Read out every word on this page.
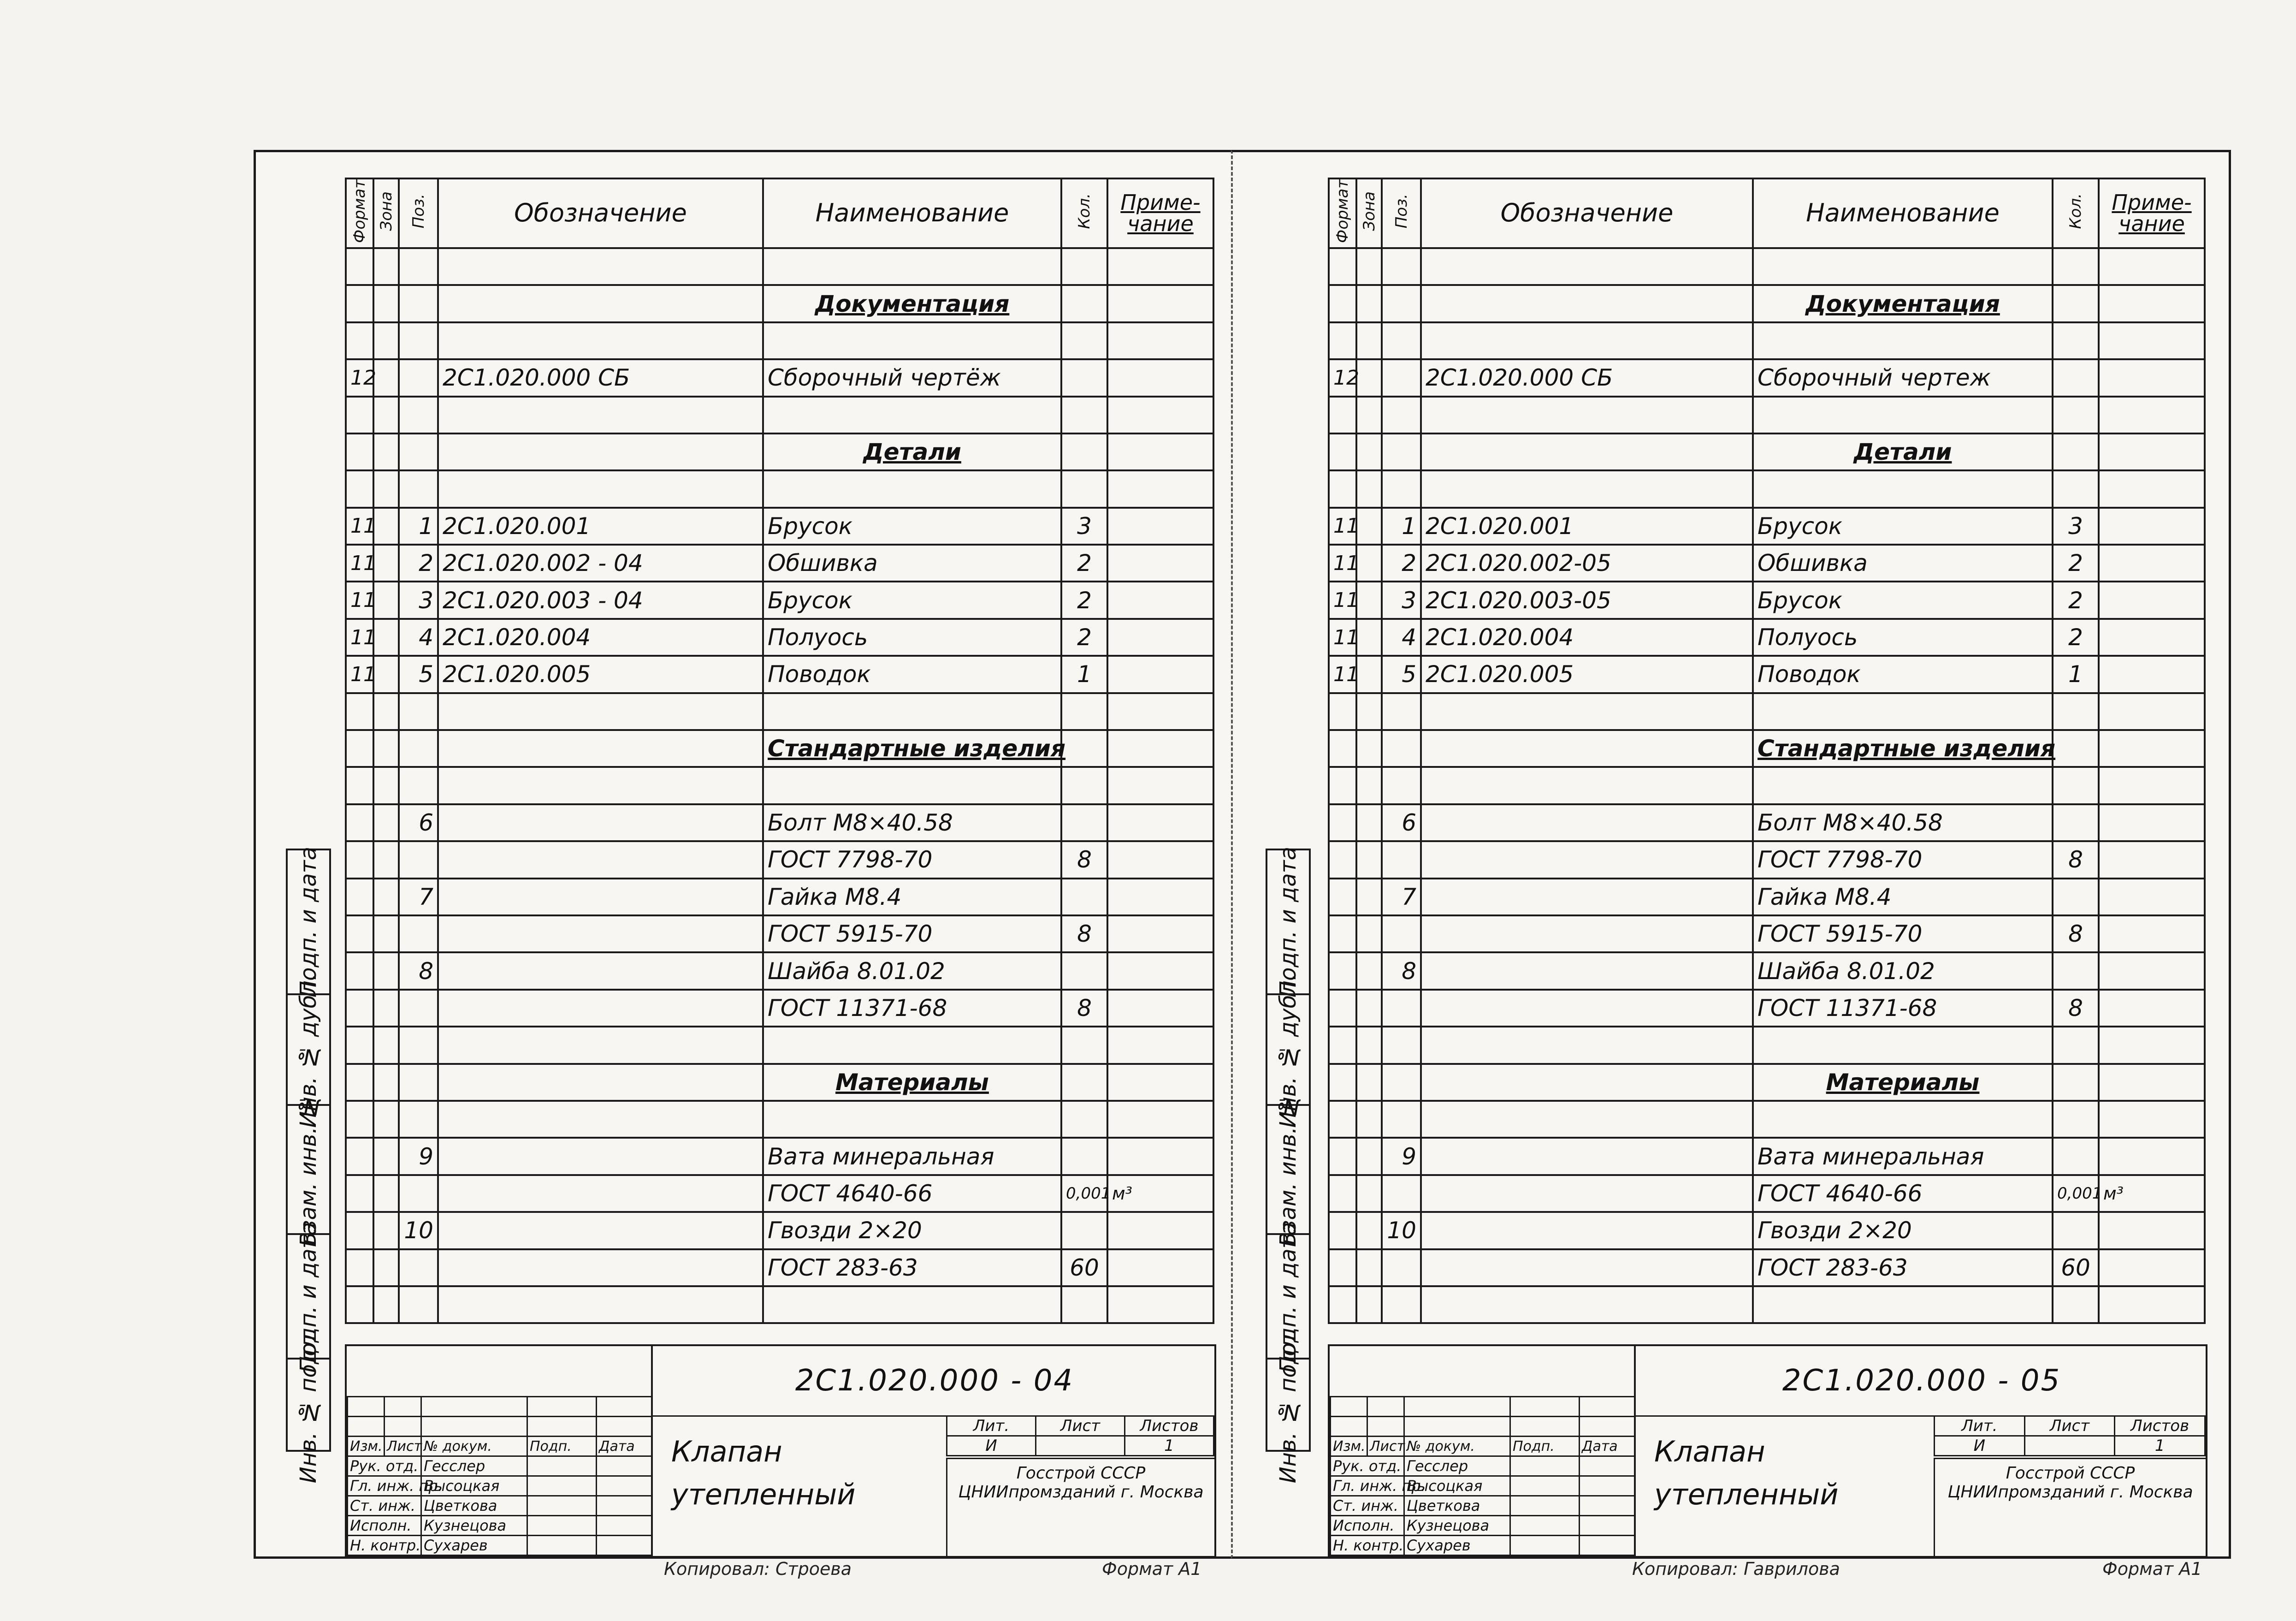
Подп. и дата
Инв. № дубл.
Взам. инв. №
Подп. и дата
Инв. № подл.
Формат	Зона	Поз.	Обозначение	Наименование	Кол.	Приме- чание

				Документация		

12			2С1.020.000 СБ	Сборочный чертёж		

				Детали		

11		1	2С1.020.001	Брусок	3	
11		2	2С1.020.002 - 04	Обшивка	2	
11		3	2С1.020.003 - 04	Брусок	2	
11		4	2С1.020.004	Полуось	2	
11		5	2С1.020.005	Поводок	1	

				Стандартные изделия		

		6		Болт М8×40.58		
				ГОСТ 7798-70	8	
		7		Гайка М8.4		
				ГОСТ 5915-70	8	
		8		Шайба 8.01.02		
				ГОСТ 11371-68	8	

				Материалы		

		9		Вата минеральная		
				ГОСТ 4640-66	0,001	м³
		10		Гвозди 2×20		
				ГОСТ 283-63	60	

2С1.020.000 - 04

Изм.	Лист	№ докум.	Подп.	Дата
Рук. отд.		Гесслер		
Гл. инж. пр.		Высоцкая		
Ст. инж.		Цветкова		
Исполн.		Кузнецова		
Н. контр.		Сухарев		
Клапан
утепленный
Лит.	Лист	Листов
И		1
Госстрой СССР ЦНИИпромзданий г. Москва
Копировал: Строева	Формат А1
Подп. и дата
Инв. № дубл.
Взам. инв. №
Подп. и дата
Инв. № подл.
Формат	Зона	Поз.	Обозначение	Наименование	Кол.	Приме- чание

				Документация		

12			2С1.020.000 СБ	Сборочный чертеж		

				Детали		

11		1	2С1.020.001	Брусок	3	
11		2	2С1.020.002-05	Обшивка	2	
11		3	2С1.020.003-05	Брусок	2	
11		4	2С1.020.004	Полуось	2	
11		5	2С1.020.005	Поводок	1	

				Стандартные изделия		

		6		Болт М8×40.58		
				ГОСТ 7798-70	8	
		7		Гайка М8.4		
				ГОСТ 5915-70	8	
		8		Шайба 8.01.02		
				ГОСТ 11371-68	8	

				Материалы		

		9		Вата минеральная		
				ГОСТ 4640-66	0,001	м³
		10		Гвозди 2×20		
				ГОСТ 283-63	60	

2С1.020.000 - 05

Изм.	Лист	№ докум.	Подп.	Дата
Рук. отд.		Гесслер		
Гл. инж. пр.		Высоцкая		
Ст. инж.		Цветкова		
Исполн.		Кузнецова		
Н. контр.		Сухарев		
Клапан
утепленный
Лит.	Лист	Листов
И		1
Госстрой СССР ЦНИИпромзданий г. Москва
Копировал: Гаврилова	Формат А1
